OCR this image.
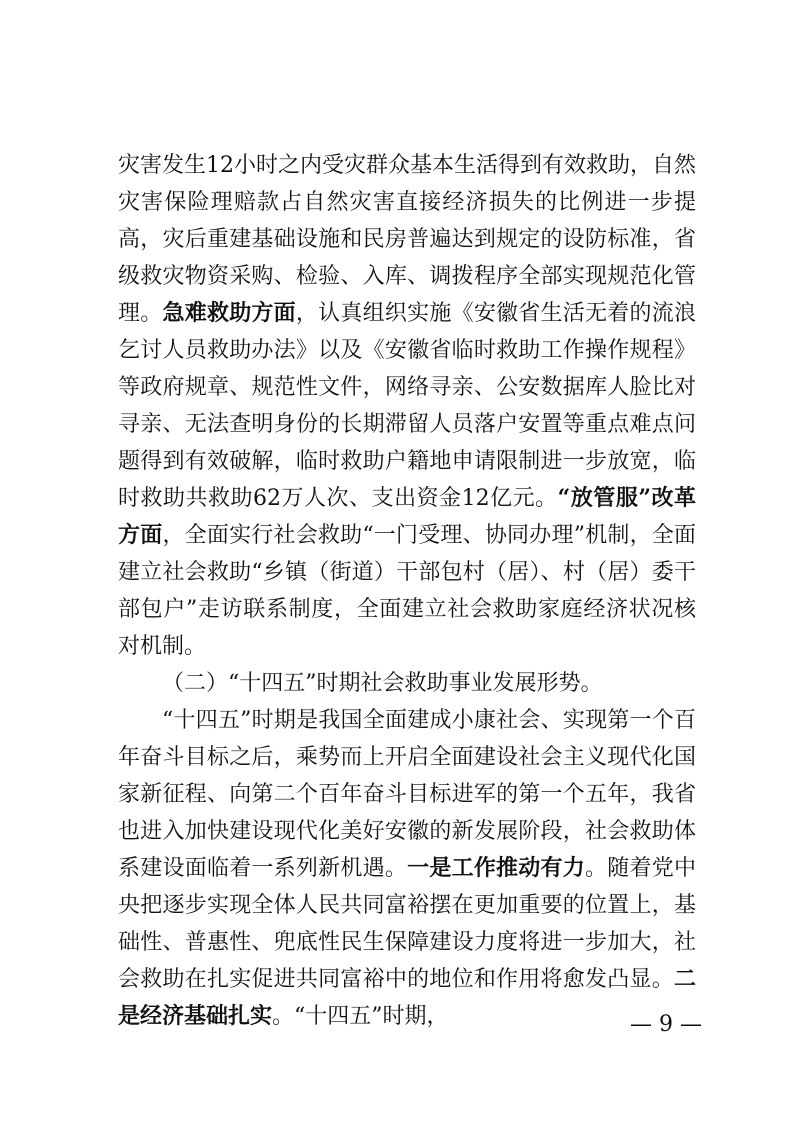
灾害发生12小时之内受灾群众基本生活得到有效救助，自然灾害保险理赔款占自然灾害直接经济损失的比例进一步提高，灾后重建基础设施和民房普遍达到规定的设防标准，省级救灾物资采购、检验、入库、调拨程序全部实现规范化管理。急难救助方面，认真组织实施《安徽省生活无着的流浪乞讨人员救助办法》以及《安徽省临时救助工作操作规程》等政府规章、规范性文件，网络寻亲、公安数据库人脸比对寻亲、无法查明身份的长期滞留人员落户安置等重点难点问题得到有效破解，临时救助户籍地申请限制进一步放宽，临时救助共救助62万人次、支出资金12亿元。“放管服”改革方面，全面实行社会救助“一门受理、协同办理”机制，全面建立社会救助“乡镇（街道）干部包村（居）、村（居）委干部包户”走访联系制度，全面建立社会救助家庭经济状况核对机制。

（二）“十四五”时期社会救助事业发展形势。

“十四五”时期是我国全面建成小康社会、实现第一个百年奋斗目标之后，乘势而上开启全面建设社会主义现代化国家新征程、向第二个百年奋斗目标进军的第一个五年，我省也进入加快建设现代化美好安徽的新发展阶段，社会救助体系建设面临着一系列新机遇。一是工作推动有力。随着党中央把逐步实现全体人民共同富裕摆在更加重要的位置上，基础性、普惠性、兜底性民生保障建设力度将进一步加大，社会救助在扎实促进共同富裕中的地位和作用将愈发凸显。二是经济基础扎实。“十四五”时期，	— 9 —
